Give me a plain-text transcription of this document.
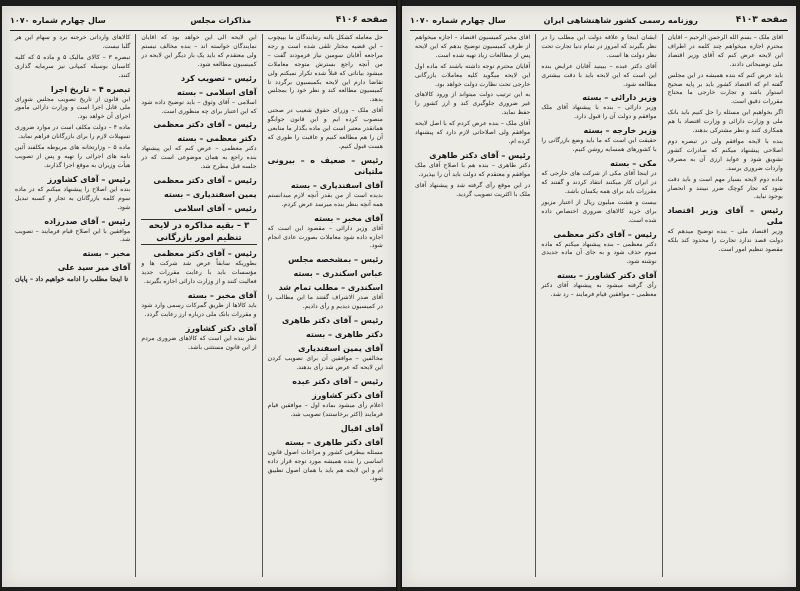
صفحه ۴۱۰۶
مذاکرات مجلس
سال چهارم شماره ۱۰۷۰

حل معامله کشکل بالنه رتنایندگان ما بپیچوب – این قضیه مختار تلقی شده است و رجه مراجعه آقایان سومین نیاز فرمودند گفت – من آنچه راجع بسترش متوجه معاملات میشود بیاناتی که قبلاً شده تکرار نمیکنم ولی تقاضا دارم این لایحه بکمیسیون برگردد تا کمیسیون مطالعه کند و نظر خود را بمجلس بدهد.

آقای ملک – وزرای حقوق شعیب در صحتی منصوب کرده ایم و این قانون جوابگو همانقدر معتبر است این ماده بگذار ما منابعی آن را هم مطالعه کنیم و عاقبت را طوری که هست قبول کنیم.

رئیس – صعیف ه – بیرونی ملتیانی
آقای اسفندیاری – بسته

بدیده است از من بقدر آنچه لازم میدانستم همه آنچه بنظر بنده میرسد عرض کردم.

آقای مخبر – بسته

آقای وزیر دارائی – مقصود این است که اجازه داده شود معاملات بصورت عادی انجام شود.

رئیس – بمشخصه مجلس
عباس اسکندری – بسته
اسکندری – مطلب تمام شد

آقای صدر الاشراف گفتند ما این مطالب را در کمیسیون دیدیم و رأی دادیم.

رئیس – آقای دکتر طاهری
دکتر طاهری – بسته
آقای یمین اسفندیاری

مخالفین – موافقین آن برای تصویب کردن این لایحه که عرض شد رأی بدهند.

رئیس – آقای دکتر عبده
آقای دکتر کشاورز

اعلام رأی میشود بماده اول – موافقین قیام فرمایند (اکثر برخاستند) تصویب شد.

آقای اقبال
آقای دکتر طاهری – بسته

مسئله بیطرفی کشور و مراعات اصول قانون اساسی را بنده همیشه مورد توجه قرار داده ام و این لایحه هم باید با همان اصول تطبیق شود.

این لایحه الی این خواهد بود که آقایان نمایندگان خواسته اند – بنده مخالف نیستم ولی معتقدم که باید یک بار دیگر این لایحه در کمیسیون مطالعه شود.

رئیس – تصویب کرد
آقای اسلامی – بسته

اسلامی – آقای وثوق – باید توضیح داده شود که این اعتبار برای چه منظوری است.

رئیس – آقای دکتر معظمی
دکتر معظمی – بسته

دکتر معظمی – عرض کنم که این پیشنهاد بنده راجع به همان موضوعی است که در جلسه قبل مطرح شد.

رئیس – آقای دکتر معظمی
یمین اسفندیاری – بسته
رئیس – آقای اسلامی
۳ – بقیه مذاکره در لایحه تنظیم امور بازرگانی
رئیس – آقای دکتر معظمی

بطوریکه سابقاً عرض شد شرکت ها و مؤسسات باید با رعایت مقررات جدید فعالیت کنند و از وزارت دارائی اجازه بگیرند.

آقای مخبر – بسته

باید کالاها از طریق گمرکات رسمی وارد شود و مقررات بانک ملی درباره ارز رعایت گردد.

آقای دکتر کشاورز

نظر بنده این است که کالاهای ضروری مردم از این قانون مستثنی باشد.

کالاهای وارداتی خرجنه برد و سهام این هر گلبا نیست.

تبصره ۳ – کالای مالیک ۵ و ماده ۵ که کلیه کاسبان بوسیله کمپانی نیز سرمایه گذاری کنند.

تبصره ۴ – تاریخ اجرا

این قانون از تاریخ تصویب مجلس شورای ملی قابل اجرا است و وزارت دارائی مأمور اجرای آن خواهد بود.

ماده ۴ – دولت مکلف است در موارد ضروری تسهیلات لازم را برای بازرگانان فراهم نماید.

ماده ۵ – وزارتخانه های مربوطه مکلفند آئین نامه های اجرائی را تهیه و پس از تصویب هیأت وزیران به موقع اجرا گذارند.

رئیس – آقای کشاورز

بنده این اصلاح را پیشنهاد میکنم که در ماده سوم کلمه بازرگانان به تجار و کسبه تبدیل شود.

رئیس – آقای صدرزاده

موافقین با این اصلاح قیام فرمایند – تصویب شد.

مخبر – بسته
آقای میر سید علی
تا اینجا مطلب را ادامه خواهیم داد – پایان
صفحه ۴۱۰۳
روزنامه رسمی کشور شاهنشاهی ایران
سال چهارم شماره ۱۰۷۰

آقای ملک – بسم الله الرحمن الرحیم – آقایان محترم اجازه میخواهم چند کلمه در اطراف این لایحه عرض کنم که آقای وزیر اقتصاد ملی توضیحاتی دادند.

باید عرض کنم که بنده همیشه در این مجلس گفته ام که اقتصاد کشور باید بر پایه صحیح استوار باشد و تجارت خارجی ما محتاج مقررات دقیق است.

اگر بخواهیم این مسئله را حل کنیم باید بانک ملی و وزارت دارائی و وزارت اقتصاد با هم همکاری کنند و نظر مشترکی بدهند.

بنده با لایحه موافقم ولی در تبصره دوم اصلاحی پیشنهاد میکنم که صادرات کشور تشویق شود و عواید ارزی آن به مصرف واردات ضروری برسد.

ماده دوم لایحه بسیار مهم است و باید دقت شود که تجار کوچک ضرر نبینند و انحصار بوجود نیاید.

رئیس – آقای وزیر اقتصاد ملی

وزیر اقتصاد ملی – بنده توضیح میدهم که دولت قصد ندارد تجارت را محدود کند بلکه مقصود تنظیم امور است.

ایشان اینجا و علاقه دولت این مطلب را در نظر بگیرند که امروز در تمام دنیا تجارت تحت نظر دولت ها است.

آقای دکتر عبده – ببینید آقایان عرایض بنده این است که این لایحه باید با دقت بیشتری مطالعه شود.

وزیر دارائی – بسته

وزیر دارائی – بنده با پیشنهاد آقای ملک موافقم و دولت آن را قبول دارد.

وزیر خارجه – بسته

حقیقت این است که ما باید وضع بازرگانی را با کشورهای همسایه روشن کنیم.

مکی – بسته

در اینجا آقای مکی از شرکت های خارجی که در ایران کار میکنند انتقاد کردند و گفتند که مقررات باید برای همه یکسان باشد.

بیست و هشت میلیون ریال از اعتبار مزبور برای خرید کالاهای ضروری اختصاص داده شده است.

رئیس – آقای دکتر معظمی

دکتر معظمی – بنده پیشنهاد میکنم که ماده سوم حذف شود و به جای آن ماده جدیدی نوشته شود.

آقای دکتر کشاورز – بسته

رأی گرفته میشود به پیشنهاد آقای دکتر معظمی – موافقین قیام فرمایند – رد شد.

آقای مخبر کمیسیون اقتصاد – اجازه میخواهم از طرف کمیسیون توضیح بدهم که این لایحه پس از مطالعات زیاد تهیه شده است.

آقایان محترم توجه داشته باشند که ماده اول این لایحه میگوید کلیه معاملات بازرگانی خارجی تحت نظارت دولت خواهد بود.

به این ترتیب دولت میتواند از ورود کالاهای غیر ضروری جلوگیری کند و ارز کشور را حفظ نماید.

آقای ملک – بنده عرض کردم که با اصل لایحه موافقم ولی اصلاحاتی لازم دارد که پیشنهاد کرده ام.

رئیس – آقای دکتر طاهری

دکتر طاهری – بنده هم با اصلاح آقای ملک موافقم و معتقدم که دولت باید آن را بپذیرد.

در این موقع رأی گرفته شد و پیشنهاد آقای ملک با اکثریت تصویب گردید.
